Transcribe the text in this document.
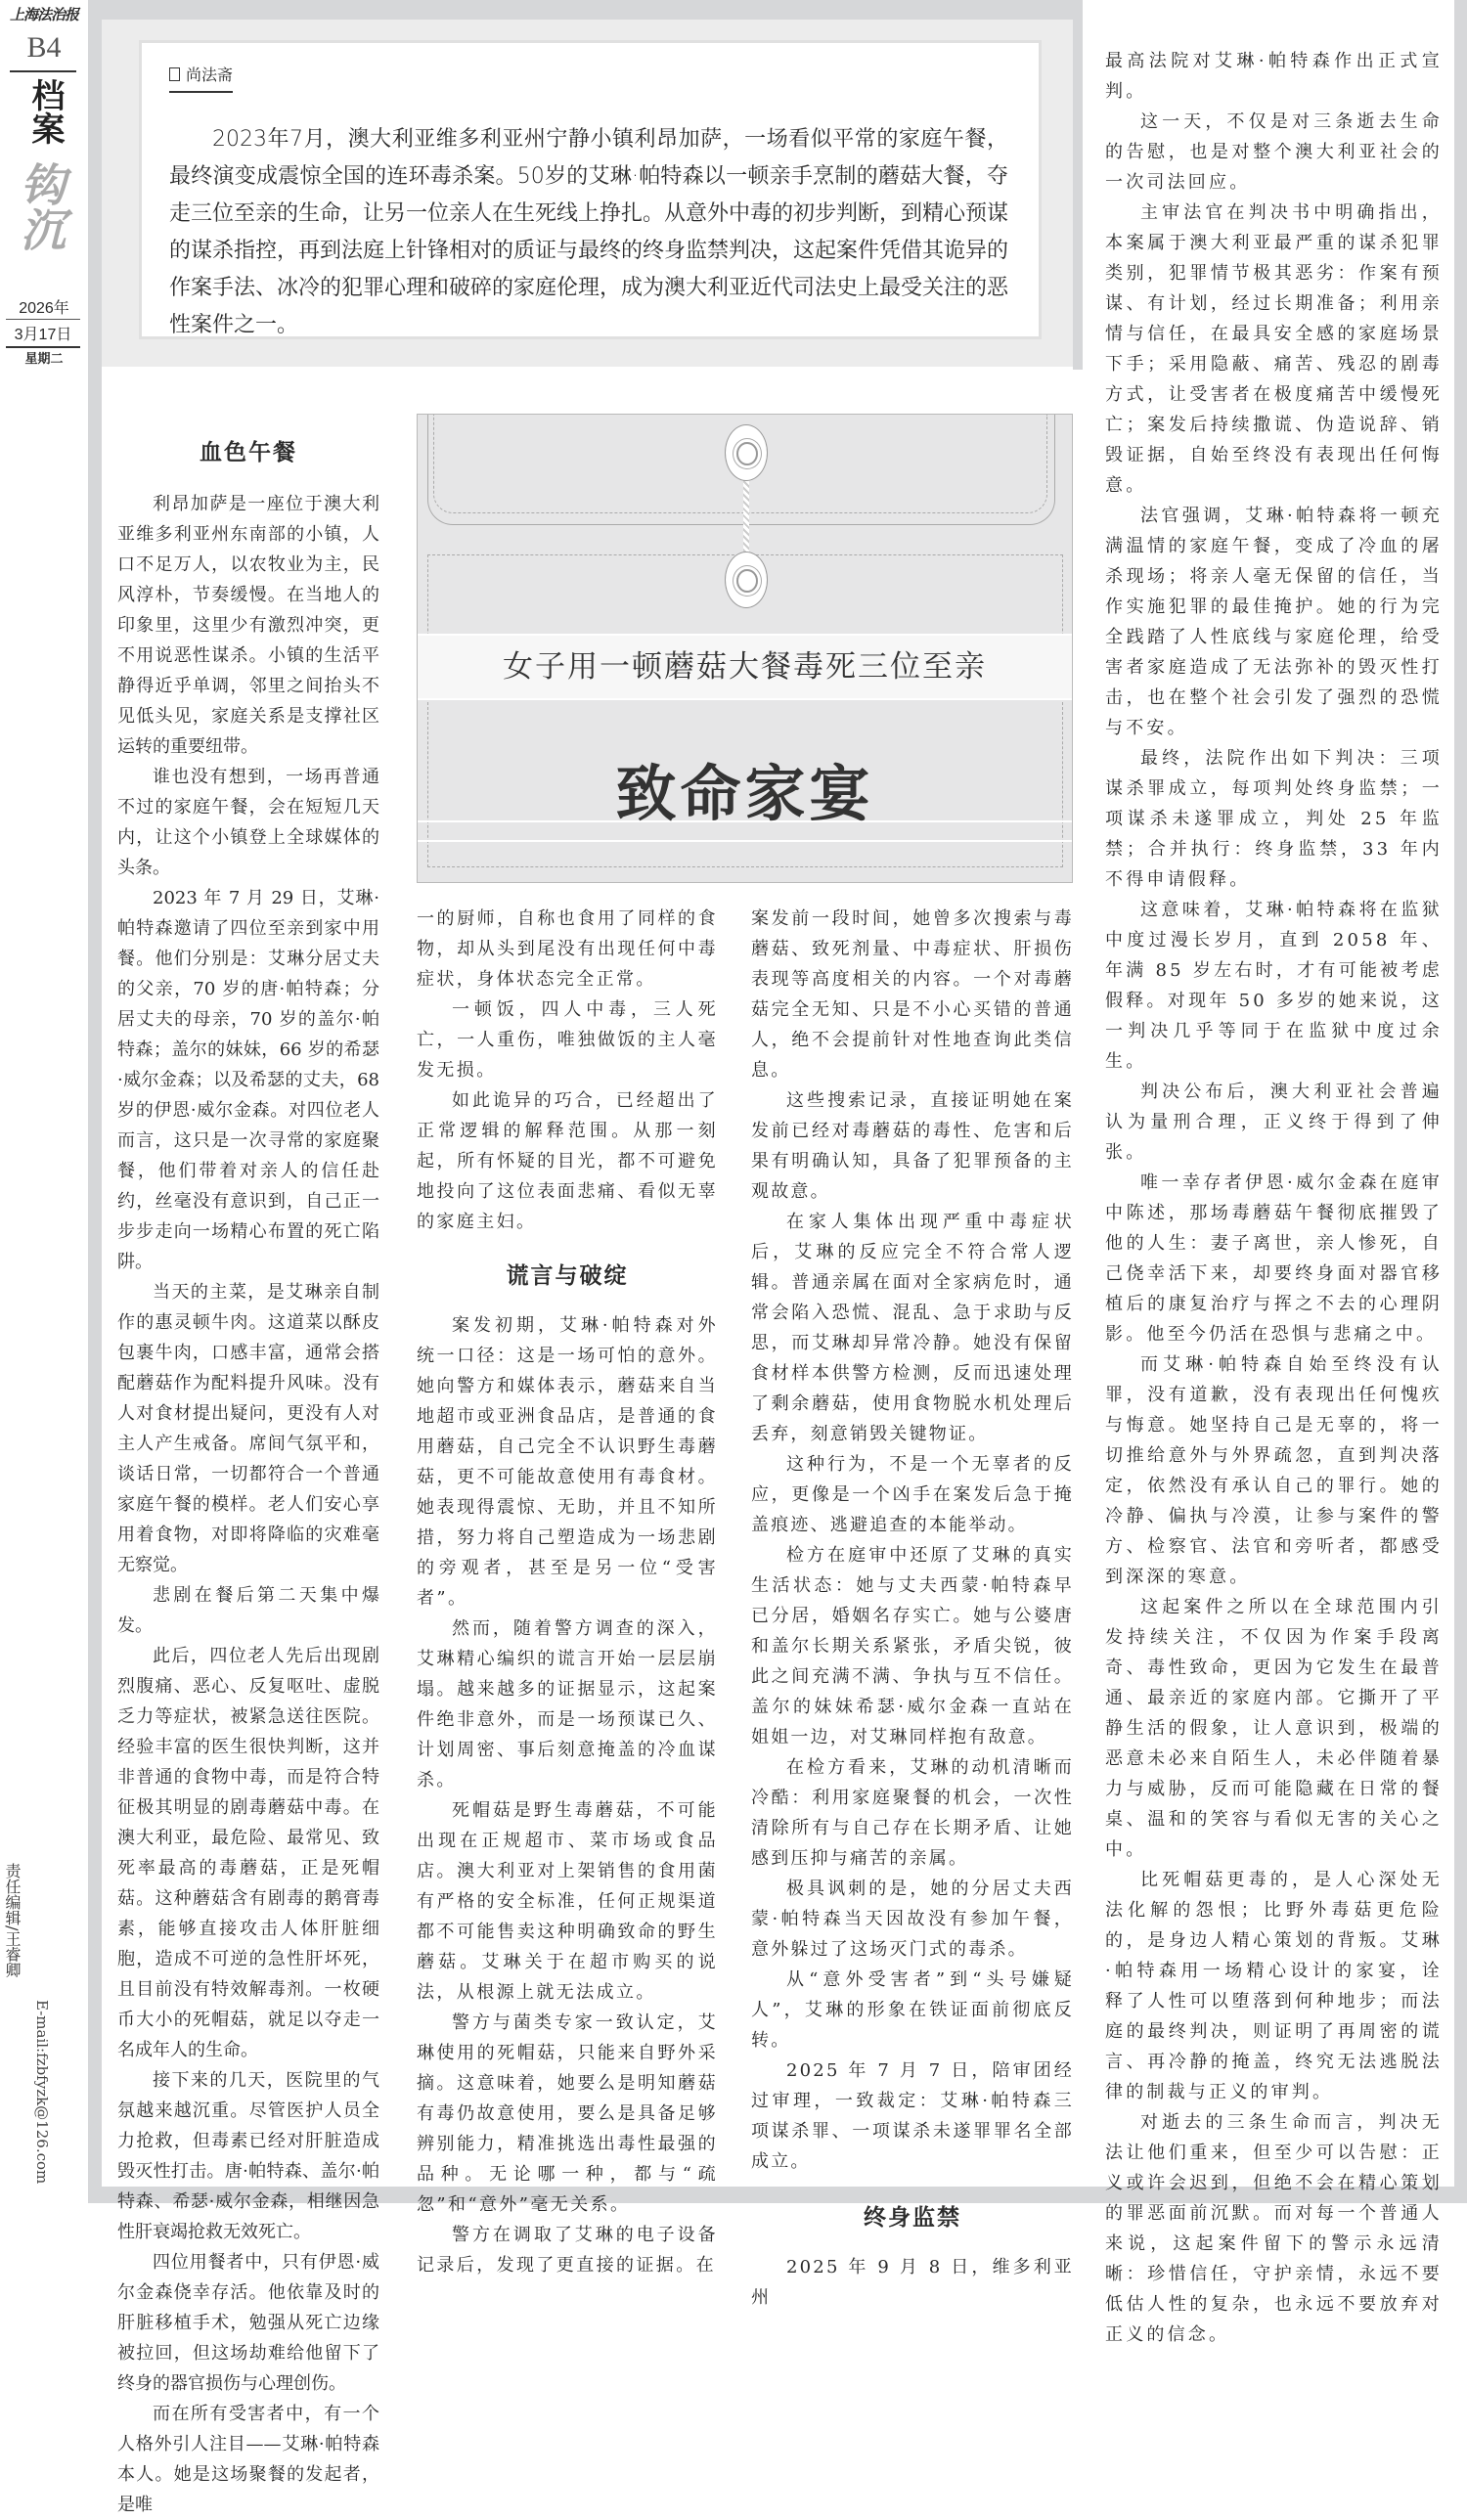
上海法治报
B4
档案
钩沉
2026年
3月17日
星期二
责任编辑/王睿卿
E-mail:fzbfyzk@126.com
尚法斋
2023年7月，澳大利亚维多利亚州宁静小镇利昂加萨，一场看似平常的家庭午餐，最终演变成震惊全国的连环毒杀案。50岁的艾琳·帕特森以一顿亲手烹制的蘑菇大餐，夺走三位至亲的生命，让另一位亲人在生死线上挣扎。从意外中毒的初步判断，到精心预谋的谋杀指控，再到法庭上针锋相对的质证与最终的终身监禁判决，这起案件凭借其诡异的作案手法、冰冷的犯罪心理和破碎的家庭伦理，成为澳大利亚近代司法史上最受关注的恶性案件之一。
女子用一顿蘑菇大餐毒死三位至亲
致命家宴
血色午餐

利昂加萨是一座位于澳大利亚维多利亚州东南部的小镇，人口不足万人，以农牧业为主，民风淳朴，节奏缓慢。在当地人的印象里，这里少有激烈冲突，更不用说恶性谋杀。小镇的生活平静得近乎单调，邻里之间抬头不见低头见，家庭关系是支撑社区运转的重要纽带。

谁也没有想到，一场再普通不过的家庭午餐，会在短短几天内，让这个小镇登上全球媒体的头条。

2023 年 7 月 29 日，艾琳·帕特森邀请了四位至亲到家中用餐。他们分别是：艾琳分居丈夫的父亲，70 岁的唐·帕特森；分居丈夫的母亲，70 岁的盖尔·帕特森；盖尔的妹妹，66 岁的希瑟·威尔金森；以及希瑟的丈夫，68 岁的伊恩·威尔金森。对四位老人而言，这只是一次寻常的家庭聚餐，他们带着对亲人的信任赴约，丝毫没有意识到，自己正一步步走向一场精心布置的死亡陷阱。

当天的主菜，是艾琳亲自制作的惠灵顿牛肉。这道菜以酥皮包裹牛肉，口感丰富，通常会搭配蘑菇作为配料提升风味。没有人对食材提出疑问，更没有人对主人产生戒备。席间气氛平和，谈话日常，一切都符合一个普通家庭午餐的模样。老人们安心享用着食物，对即将降临的灾难毫无察觉。

悲剧在餐后第二天集中爆发。

此后，四位老人先后出现剧烈腹痛、恶心、反复呕吐、虚脱乏力等症状，被紧急送往医院。经验丰富的医生很快判断，这并非普通的食物中毒，而是符合特征极其明显的剧毒蘑菇中毒。在澳大利亚，最危险、最常见、致死率最高的毒蘑菇，正是死帽菇。这种蘑菇含有剧毒的鹅膏毒素，能够直接攻击人体肝脏细胞，造成不可逆的急性肝坏死，且目前没有特效解毒剂。一枚硬币大小的死帽菇，就足以夺走一名成年人的生命。

接下来的几天，医院里的气氛越来越沉重。尽管医护人员全力抢救，但毒素已经对肝脏造成毁灭性打击。唐·帕特森、盖尔·帕特森、希瑟·威尔金森，相继因急性肝衰竭抢救无效死亡。

四位用餐者中，只有伊恩·威尔金森侥幸存活。他依靠及时的肝脏移植手术，勉强从死亡边缘被拉回，但这场劫难给他留下了终身的器官损伤与心理创伤。

而在所有受害者中，有一个人格外引人注目——艾琳·帕特森本人。她是这场聚餐的发起者，是唯

一的厨师，自称也食用了同样的食物，却从头到尾没有出现任何中毒症状，身体状态完全正常。

一顿饭，四人中毒，三人死亡，一人重伤，唯独做饭的主人毫发无损。

如此诡异的巧合，已经超出了正常逻辑的解释范围。从那一刻起，所有怀疑的目光，都不可避免地投向了这位表面悲痛、看似无辜的家庭主妇。

谎言与破绽

案发初期，艾琳·帕特森对外统一口径：这是一场可怕的意外。她向警方和媒体表示，蘑菇来自当地超市或亚洲食品店，是普通的食用蘑菇，自己完全不认识野生毒蘑菇，更不可能故意使用有毒食材。她表现得震惊、无助，并且不知所措，努力将自己塑造成为一场悲剧的旁观者，甚至是另一位“受害者”。

然而，随着警方调查的深入，艾琳精心编织的谎言开始一层层崩塌。越来越多的证据显示，这起案件绝非意外，而是一场预谋已久、计划周密、事后刻意掩盖的冷血谋杀。

死帽菇是野生毒蘑菇，不可能出现在正规超市、菜市场或食品店。澳大利亚对上架销售的食用菌有严格的安全标准，任何正规渠道都不可能售卖这种明确致命的野生蘑菇。艾琳关于在超市购买的说法，从根源上就无法成立。

警方与菌类专家一致认定，艾琳使用的死帽菇，只能来自野外采摘。这意味着，她要么是明知蘑菇有毒仍故意使用，要么是具备足够辨别能力，精准挑选出毒性最强的品种。无论哪一种，都与“疏忽”和“意外”毫无关系。

警方在调取了艾琳的电子设备记录后，发现了更直接的证据。在

案发前一段时间，她曾多次搜索与毒蘑菇、致死剂量、中毒症状、肝损伤表现等高度相关的内容。一个对毒蘑菇完全无知、只是不小心买错的普通人，绝不会提前针对性地查询此类信息。

这些搜索记录，直接证明她在案发前已经对毒蘑菇的毒性、危害和后果有明确认知，具备了犯罪预备的主观故意。

在家人集体出现严重中毒症状后，艾琳的反应完全不符合常人逻辑。普通亲属在面对全家病危时，通常会陷入恐慌、混乱、急于求助与反思，而艾琳却异常冷静。她没有保留食材样本供警方检测，反而迅速处理了剩余蘑菇，使用食物脱水机处理后丢弃，刻意销毁关键物证。

这种行为，不是一个无辜者的反应，更像是一个凶手在案发后急于掩盖痕迹、逃避追查的本能举动。

检方在庭审中还原了艾琳的真实生活状态：她与丈夫西蒙·帕特森早已分居，婚姻名存实亡。她与公婆唐和盖尔长期关系紧张，矛盾尖锐，彼此之间充满不满、争执与互不信任。盖尔的妹妹希瑟·威尔金森一直站在姐姐一边，对艾琳同样抱有敌意。

在检方看来，艾琳的动机清晰而冷酷：利用家庭聚餐的机会，一次性清除所有与自己存在长期矛盾、让她感到压抑与痛苦的亲属。

极具讽刺的是，她的分居丈夫西蒙·帕特森当天因故没有参加午餐，意外躲过了这场灭门式的毒杀。

从“意外受害者”到“头号嫌疑人”，艾琳的形象在铁证面前彻底反转。

2025 年 7 月 7 日，陪审团经过审理，一致裁定：艾琳·帕特森三项谋杀罪、一项谋杀未遂罪罪名全部成立。

终身监禁

2025 年 9 月 8 日，维多利亚州

最高法院对艾琳·帕特森作出正式宣判。

这一天，不仅是对三条逝去生命的告慰，也是对整个澳大利亚社会的一次司法回应。

主审法官在判决书中明确指出，本案属于澳大利亚最严重的谋杀犯罪类别，犯罪情节极其恶劣：作案有预谋、有计划，经过长期准备；利用亲情与信任，在最具安全感的家庭场景下手；采用隐蔽、痛苦、残忍的剧毒方式，让受害者在极度痛苦中缓慢死亡；案发后持续撒谎、伪造说辞、销毁证据，自始至终没有表现出任何悔意。

法官强调，艾琳·帕特森将一顿充满温情的家庭午餐，变成了冷血的屠杀现场；将亲人毫无保留的信任，当作实施犯罪的最佳掩护。她的行为完全践踏了人性底线与家庭伦理，给受害者家庭造成了无法弥补的毁灭性打击，也在整个社会引发了强烈的恐慌与不安。

最终，法院作出如下判决：三项谋杀罪成立，每项判处终身监禁；一项谋杀未遂罪成立，判处 25 年监禁；合并执行：终身监禁，33 年内不得申请假释。

这意味着，艾琳·帕特森将在监狱中度过漫长岁月，直到 2058 年、年满 85 岁左右时，才有可能被考虑假释。对现年 50 多岁的她来说，这一判决几乎等同于在监狱中度过余生。

判决公布后，澳大利亚社会普遍认为量刑合理，正义终于得到了伸张。

唯一幸存者伊恩·威尔金森在庭审中陈述，那场毒蘑菇午餐彻底摧毁了他的人生：妻子离世，亲人惨死，自己侥幸活下来，却要终身面对器官移植后的康复治疗与挥之不去的心理阴影。他至今仍活在恐惧与悲痛之中。

而艾琳·帕特森自始至终没有认罪，没有道歉，没有表现出任何愧疚与悔意。她坚持自己是无辜的，将一切推给意外与外界疏忽，直到判决落定，依然没有承认自己的罪行。她的冷静、偏执与冷漠，让参与案件的警方、检察官、法官和旁听者，都感受到深深的寒意。

这起案件之所以在全球范围内引发持续关注，不仅因为作案手段离奇、毒性致命，更因为它发生在最普通、最亲近的家庭内部。它撕开了平静生活的假象，让人意识到，极端的恶意未必来自陌生人，未必伴随着暴力与威胁，反而可能隐藏在日常的餐桌、温和的笑容与看似无害的关心之中。

比死帽菇更毒的，是人心深处无法化解的怨恨；比野外毒菇更危险的，是身边人精心策划的背叛。艾琳·帕特森用一场精心设计的家宴，诠释了人性可以堕落到何种地步；而法庭的最终判决，则证明了再周密的谎言、再冷静的掩盖，终究无法逃脱法律的制裁与正义的审判。

对逝去的三条生命而言，判决无法让他们重来，但至少可以告慰：正义或许会迟到，但绝不会在精心策划的罪恶面前沉默。而对每一个普通人来说，这起案件留下的警示永远清晰：珍惜信任，守护亲情，永远不要低估人性的复杂，也永远不要放弃对正义的信念。
